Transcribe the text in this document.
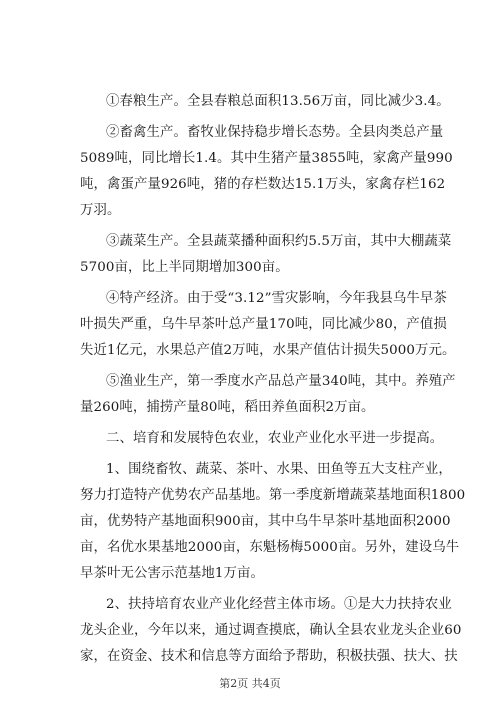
①春粮生产。全县春粮总面积13.56万亩，同比减少3.4。

②畜禽生产。畜牧业保持稳步增长态势。全县肉类总产量
5089吨，同比增长1.4。其中生猪产量3855吨，家禽产量990
吨，禽蛋产量926吨，猪的存栏数达15.1万头，家禽存栏162
万羽。

③蔬菜生产。全县蔬菜播种面积约5.5万亩，其中大棚蔬菜
5700亩，比上半同期增加300亩。

④特产经济。由于受“3.12”雪灾影响，今年我县乌牛早茶
叶损失严重，乌牛早茶叶总产量170吨，同比减少80，产值损
失近1亿元，水果总产值2万吨，水果产值估计损失5000万元。

⑤渔业生产，第一季度水产品总产量340吨，其中。养殖产
量260吨，捕捞产量80吨，稻田养鱼面积2万亩。

二、培育和发展特色农业，农业产业化水平进一步提高。

1、围绕畜牧、蔬菜、茶叶、水果、田鱼等五大支柱产业，
努力打造特产优势农产品基地。第一季度新增蔬菜基地面积1800
亩，优势特产基地面积900亩，其中乌牛早茶叶基地面积2000
亩，名优水果基地2000亩，东魁杨梅5000亩。另外，建设乌牛
早茶叶无公害示范基地1万亩。

2、扶持培育农业产业化经营主体市场。①是大力扶持农业
龙头企业，今年以来，通过调查摸底，确认全县农业龙头企业60
家，在资金、技术和信息等方面给予帮助，积极扶强、扶大、扶

第2页 共4页
